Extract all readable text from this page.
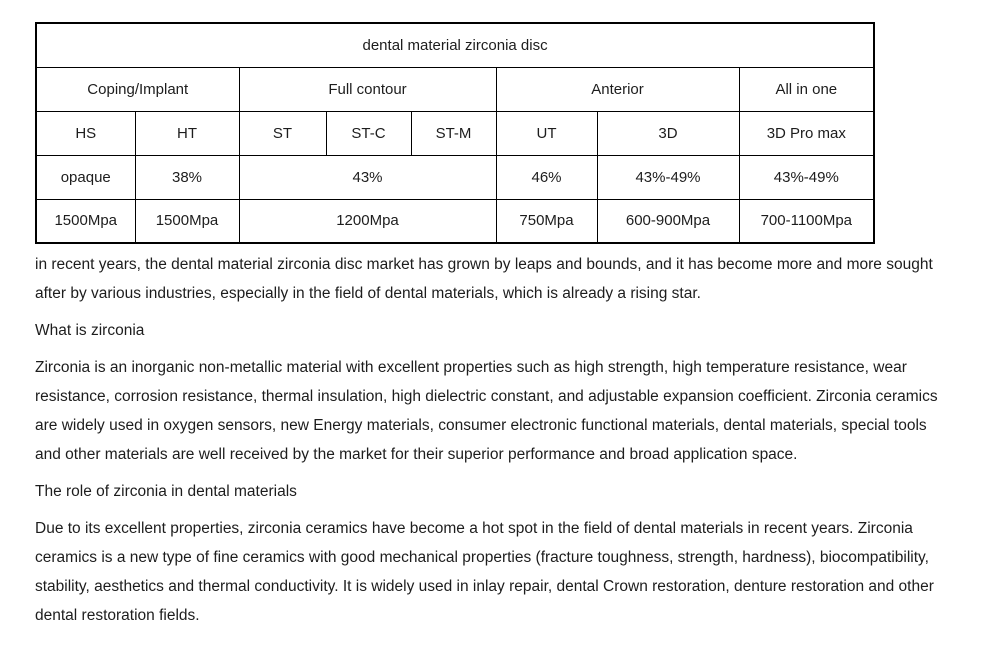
dental material zirconia disc							
Coping/Implant		Full contour			Anterior		All in one
HS	HT	ST	ST-C	ST-M	UT	3D	3D Pro max
opaque	38%	43%			46%	43%-49%	43%-49%
1500Mpa	1500Mpa	1200Mpa			750Mpa	600-900Mpa	700-1100Mpa

in recent years, the dental material zirconia disc market has grown by leaps and bounds, and it has become more and more sought after by various industries, especially in the field of dental materials, which is already a rising star.

What is zirconia

Zirconia is an inorganic non-metallic material with excellent properties such as high strength, high temperature resistance, wear resistance, corrosion resistance, thermal insulation, high dielectric constant, and adjustable expansion coefficient. Zirconia ceramics are widely used in oxygen sensors, new Energy materials, consumer electronic functional materials, dental materials, special tools and other materials are well received by the market for their superior performance and broad application space.

The role of zirconia in dental materials

Due to its excellent properties, zirconia ceramics have become a hot spot in the field of dental materials in recent years. Zirconia ceramics is a new type of fine ceramics with good mechanical properties (fracture toughness, strength, hardness), biocompatibility, stability, aesthetics and thermal conductivity. It is widely used in inlay repair, dental Crown restoration, denture restoration and other dental restoration fields.
